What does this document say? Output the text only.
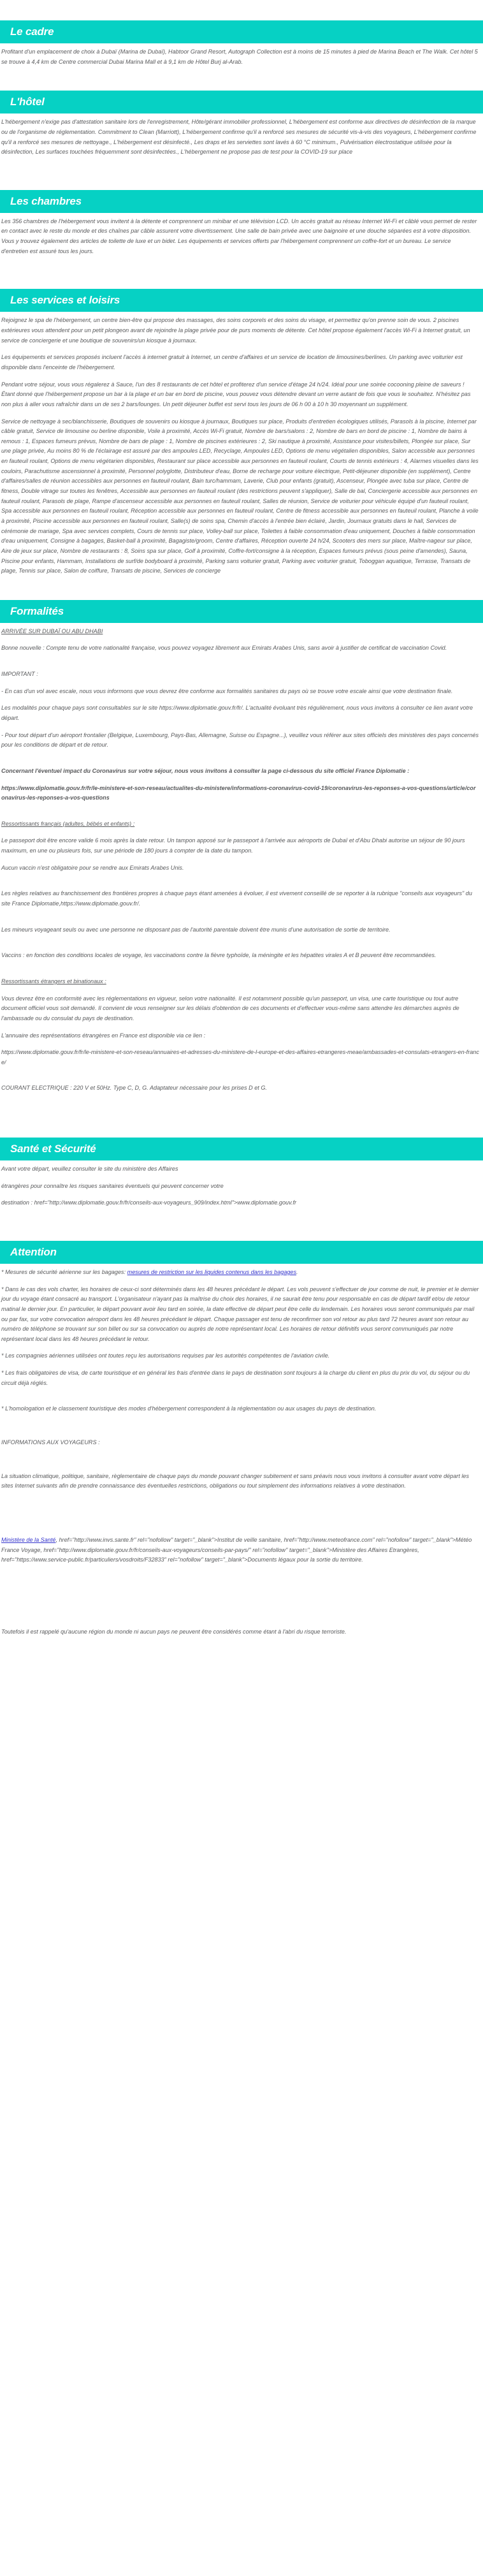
Le cadre

Profitant d'un emplacement de choix à Dubaï (Marina de Dubaï), Habtoor Grand Resort, Autograph Collection est à moins de 15 minutes à pied de Marina Beach et The Walk. Cet hôtel 5 se trouve à 4,4 km de Centre commercial Dubai Marina Mall et à 9,1 km de Hôtel Burj al-Arab.

L'hôtel

L'hébergement n'exige pas d'attestation sanitaire lors de l'enregistrement, Hôte/gérant immobilier professionnel, L'hébergement est conforme aux directives de désinfection de la marque ou de l'organisme de réglementation. Commitment to Clean (Marriott), L'hébergement confirme qu'il a renforcé ses mesures de sécurité vis-à-vis des voyageurs, L'hébergement confirme qu'il a renforcé ses mesures de nettoyage., L'hébergement est désinfecté., Les draps et les serviettes sont lavés à 60 °C minimum., Pulvérisation électrostatique utilisée pour la désinfection, Les surfaces touchées fréquemment sont désinfectées., L'hébergement ne propose pas de test pour la COVID-19 sur place

Les chambres

Les 356 chambres de l'hébergement vous invitent à la détente et comprennent un minibar et une télévision LCD. Un accès gratuit au réseau Internet Wi-Fi et câblé vous permet de rester en contact avec le reste du monde et des chaînes par câble assurent votre divertissement. Une salle de bain privée avec une baignoire et une douche séparées est à votre disposition. Vous y trouvez également des articles de toilette de luxe et un bidet. Les équipements et services offerts par l'hébergement comprennent un coffre-fort et un bureau. Le service d'entretien est assuré tous les jours.

Les services et loisirs

Rejoignez le spa de l'hébergement, un centre bien-être qui propose des massages, des soins corporels et des soins du visage, et permettez qu'on prenne soin de vous. 2 piscines extérieures vous attendent pour un petit plongeon avant de rejoindre la plage privée pour de purs moments de détente. Cet hôtel propose également l'accès Wi-Fi à Internet gratuit, un service de conciergerie et une boutique de souvenirs/un kiosque à journaux.

Les équipements et services proposés incluent l'accès à internet gratuit à Internet, un centre d'affaires et un service de location de limousines/berlines. Un parking avec voiturier est disponible dans l'enceinte de l'hébergement.

Pendant votre séjour, vous vous régalerez à Sauce, l'un des 8 restaurants de cet hôtel et profiterez d'un service d'étage 24 h/24. Idéal pour une soirée cocooning pleine de saveurs ! Étant donné que l'hébergement propose un bar à la plage et un bar en bord de piscine, vous pouvez vous détendre devant un verre autant de fois que vous le souhaitez. N'hésitez pas non plus à aller vous rafraîchir dans un de ses 2 bars/lounges. Un petit déjeuner buffet est servi tous les jours de 06 h 00 à 10 h 30 moyennant un supplément.

Service de nettoyage à sec/blanchisserie, Boutiques de souvenirs ou kiosque à journaux, Boutiques sur place, Produits d'entretien écologiques utilisés, Parasols à la piscine, Internet par câble gratuit, Service de limousine ou berline disponible, Voile à proximité, Accès Wi-Fi gratuit, Nombre de bars/salons : 2, Nombre de bars en bord de piscine : 1, Nombre de bains à remous : 1, Espaces fumeurs prévus, Nombre de bars de plage : 1, Nombre de piscines extérieures : 2, Ski nautique à proximité, Assistance pour visites/billets, Plongée sur place, Sur une plage privée, Au moins 80 % de l'éclairage est assuré par des ampoules LED, Recyclage, Ampoules LED, Options de menu végétalien disponibles, Salon accessible aux personnes en fauteuil roulant, Options de menu végétarien disponibles, Restaurant sur place accessible aux personnes en fauteuil roulant, Courts de tennis extérieurs : 4, Alarmes visuelles dans les couloirs, Parachutisme ascensionnel à proximité, Personnel polyglotte, Distributeur d'eau, Borne de recharge pour voiture électrique, Petit-déjeuner disponible (en supplément), Centre d'affaires/salles de réunion accessibles aux personnes en fauteuil roulant, Bain turc/hammam, Laverie, Club pour enfants (gratuit), Ascenseur, Plongée avec tuba sur place, Centre de fitness, Double vitrage sur toutes les fenêtres, Accessible aux personnes en fauteuil roulant (des restrictions peuvent s'appliquer), Salle de bal, Conciergerie accessible aux personnes en fauteuil roulant, Parasols de plage, Rampe d'ascenseur accessible aux personnes en fauteuil roulant, Salles de réunion, Service de voiturier pour véhicule équipé d'un fauteuil roulant, Spa accessible aux personnes en fauteuil roulant, Réception accessible aux personnes en fauteuil roulant, Centre de fitness accessible aux personnes en fauteuil roulant, Planche à voile à proximité, Piscine accessible aux personnes en fauteuil roulant, Salle(s) de soins spa, Chemin d'accès à l'entrée bien éclairé, Jardin, Journaux gratuits dans le hall, Services de cérémonie de mariage, Spa avec services complets, Cours de tennis sur place, Volley-ball sur place, Toilettes à faible consommation d'eau uniquement, Douches à faible consommation d'eau uniquement, Consigne à bagages, Basket-ball à proximité, Bagagiste/groom, Centre d'affaires, Réception ouverte 24 h/24, Scooters des mers sur place, Maître-nageur sur place, Aire de jeux sur place, Nombre de restaurants : 8, Soins spa sur place, Golf à proximité, Coffre-fort/consigne à la réception, Espaces fumeurs prévus (sous peine d'amendes), Sauna, Piscine pour enfants, Hammam, Installations de surf/de bodyboard à proximité, Parking sans voiturier gratuit, Parking avec voiturier gratuit, Toboggan aquatique, Terrasse, Transats de plage, Tennis sur place, Salon de coiffure, Transats de piscine, Services de concierge

Formalités

ARRIVÉE SUR DUBAÏ OU ABU DHABI

Bonne nouvelle : Compte tenu de votre nationalité française, vous pouvez voyagez librement aux Emirats Arabes Unis, sans avoir à justifier de certificat de vaccination Covid.

IMPORTANT :

- En cas d'un vol avec escale, nous vous informons que vous devrez être conforme aux formalités sanitaires du pays où se trouve votre escale ainsi que votre destination finale.

Les modalités pour chaque pays sont consultables sur le site https://www.diplomatie.gouv.fr/fr/. L'actualité évoluant très régulièrement, nous vous invitons à consulter ce lien avant votre départ.

- Pour tout départ d'un aéroport frontalier (Belgique, Luxembourg, Pays-Bas, Allemagne, Suisse ou Espagne...), veuillez vous référer aux sites officiels des ministères des pays concernés pour les conditions de départ et de retour.

Concernant l'éventuel impact du Coronavirus sur votre séjour, nous vous invitons à consulter la page ci-dessous du site officiel France Diplomatie :

https://www.diplomatie.gouv.fr/fr/le-ministere-et-son-reseau/actualites-du-ministere/informations-coronavirus-covid-19/coronavirus-les-reponses-a-vos-questions/article/coronavirus-les-reponses-a-vos-questions

Ressortissants français (adultes, bébés et enfants) :

Le passeport doit être encore valide 6 mois après la date retour. Un tampon apposé sur le passeport à l'arrivée aux aéroports de Dubaï et d'Abu Dhabi autorise un séjour de 90 jours maximum, en une ou plusieurs fois, sur une période de 180 jours à compter de la date du tampon.

Aucun vaccin n'est obligatoire pour se rendre aux Emirats Arabes Unis.

Les règles relatives au franchissement des frontières propres à chaque pays étant amenées à évoluer, il est vivement conseillé de se reporter à la rubrique "conseils aux voyageurs" du site France Diplomatie,https://www.diplomatie.gouv.fr/.

Les mineurs voyageant seuls ou avec une personne ne disposant pas de l'autorité parentale doivent être munis d'une autorisation de sortie de territoire.

Vaccins : en fonction des conditions locales de voyage, les vaccinations contre la fièvre typhoïde, la méningite et les hépatites virales A et B peuvent être recommandées.

Ressortissants étrangers et binationaux :

Vous devrez être en conformité avec les réglementations en vigueur, selon votre nationalité. Il est notamment possible qu'un passeport, un visa, une carte touristique ou tout autre document officiel vous soit demandé. Il convient de vous renseigner sur les délais d'obtention de ces documents et d'effectuer vous-même sans attendre les démarches auprès de l'ambassade ou du consulat du pays de destination.

L'annuaire des représentations étrangères en France est disponible via ce lien :

https://www.diplomatie.gouv.fr/fr/le-ministere-et-son-reseau/annuaires-et-adresses-du-ministere-de-l-europe-et-des-affaires-etrangeres-meae/ambassades-et-consulats-etrangers-en-france/

COURANT ELECTRIQUE : 220 V et 50Hz. Type C, D, G. Adaptateur nécessaire pour les prises D et G.

Santé et Sécurité

Avant votre départ, veuillez consulter le site du ministère des Affaires

étrangères pour connaître les risques sanitaires éventuels qui peuvent concerner votre

destination : href="http://www.diplomatie.gouv.fr/fr/conseils-aux-voyageurs_909/index.html">www.diplomatie.gouv.fr

Attention

* Mesures de sécurité aérienne sur les bagages: mesures de restriction sur les liquides contenus dans les bagages.

* Dans le cas des vols charter, les horaires de ceux-ci sont déterminés dans les 48 heures précédant le départ. Les vols peuvent s'effectuer de jour comme de nuit, le premier et le dernier jour du voyage étant consacré au transport. L'organisateur n'ayant pas la maîtrise du choix des horaires, il ne saurait être tenu pour responsable en cas de départ tardif et/ou de retour matinal le dernier jour. En particulier, le départ pouvant avoir lieu tard en soirée, la date effective de départ peut être celle du lendemain. Les horaires vous seront communiqués par mail ou par fax, sur votre convocation aéroport dans les 48 heures précédant le départ. Chaque passager est tenu de reconfirmer son vol retour au plus tard 72 heures avant son retour au numéro de téléphone se trouvant sur son billet ou sur sa convocation ou auprès de notre représentant local. Les horaires de retour définitifs vous seront communiqués par notre représentant local dans les 48 heures précédant le retour.

* Les compagnies aériennes utilisées ont toutes reçu les autorisations requises par les autorités compétentes de l'aviation civile.

* Les frais obligatoires de visa, de carte touristique et en général les frais d'entrée dans le pays de destination sont toujours à la charge du client en plus du prix du vol, du séjour ou du circuit déjà réglés.

* L'homologation et le classement touristique des modes d'hébergement correspondent à la réglementation ou aux usages du pays de destination.

INFORMATIONS AUX VOYAGEURS :

La situation climatique, politique, sanitaire, règlementaire de chaque pays du monde pouvant changer subitement et sans préavis nous vous invitons à consulter avant votre départ les sites Internet suivants afin de prendre connaissance des éventuelles restrictions, obligations ou tout simplement des informations relatives à votre destination.

Ministère de la Santé, href="http://www.invs.sante.fr" rel="nofollow" target="_blank">Institut de veille sanitaire, href="http://www.meteofrance.com" rel="nofollow" target="_blank">Météo France Voyage, href="http://www.diplomatie.gouv.fr/fr/conseils-aux-voyageurs/conseils-par-pays/" rel="nofollow" target="_blank">Ministère des Affaires Etrangères, href="https://www.service-public.fr/particuliers/vosdroits/F32833" rel="nofollow" target="_blank">Documents légaux pour la sortie du territoire.

Toutefois il est rappelé qu'aucune région du monde ni aucun pays ne peuvent être considérés comme étant à l'abri du risque terroriste.
